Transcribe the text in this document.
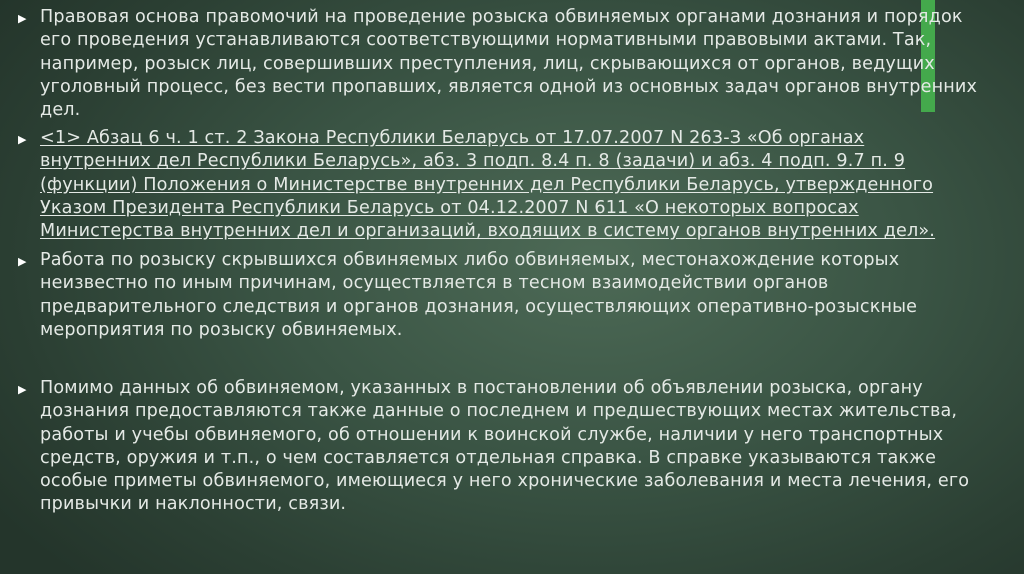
▶ Правовая основа правомочий на проведение розыска обвиняемых органами дознания и порядок его проведения устанавливаются соответствующими нормативными правовыми актами. Так, например, розыск лиц, совершивших преступления, лиц, скрывающихся от органов, ведущих уголовный процесс, без вести пропавших, является одной из основных задач органов внутренних дел.

▶ <1> Абзац 6 ч. 1 ст. 2 Закона Республики Беларусь от 17.07.2007 N 263-З «Об органах внутренних дел Республики Беларусь», абз. 3 подп. 8.4 п. 8 (задачи) и абз. 4 подп. 9.7 п. 9 (функции) Положения о Министерстве внутренних дел Республики Беларусь, утвержденного Указом Президента Республики Беларусь от 04.12.2007 N 611 «О некоторых вопросах Министерства внутренних дел и организаций, входящих в систему органов внутренних дел».

▶ Работа по розыску скрывшихся обвиняемых либо обвиняемых, местонахождение которых неизвестно по иным причинам, осуществляется в тесном взаимодействии органов предварительного следствия и органов дознания, осуществляющих оперативно-розыскные мероприятия по розыску обвиняемых.

▶ Помимо данных об обвиняемом, указанных в постановлении об объявлении розыска, органу дознания предоставляются также данные о последнем и предшествующих местах жительства, работы и учебы обвиняемого, об отношении к воинской службе, наличии у него транспортных средств, оружия и т.п., о чем составляется отдельная справка. В справке указываются также особые приметы обвиняемого, имеющиеся у него хронические заболевания и места лечения, его привычки и наклонности, связи.
